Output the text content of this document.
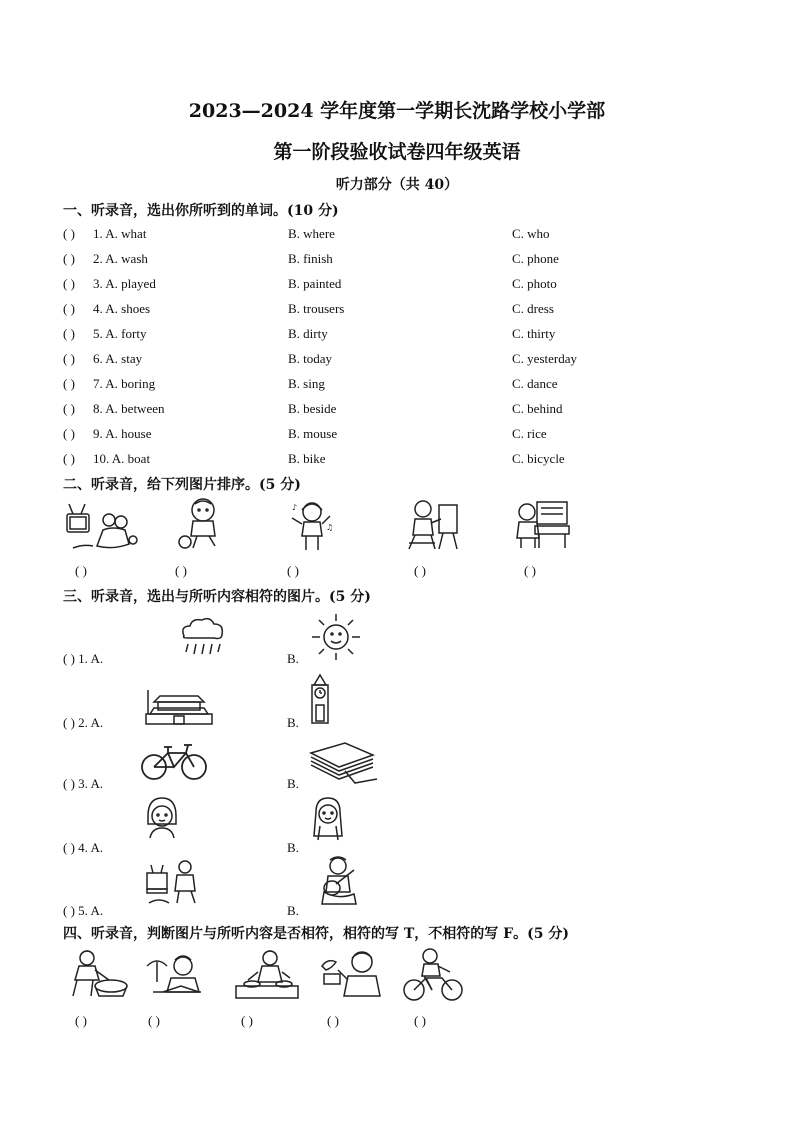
2023—2024 学年度第一学期长沈路学校小学部
第一阶段验收试卷四年级英语
听力部分（共 40）
一、听录音，选出你所听到的单词。(10 分)
( ) 1. A. what	B. where	C. who
( ) 2. A. wash	B. finish	C. phone
( ) 3. A. played	B. painted	C. photo
( ) 4. A. shoes	B. trousers	C. dress
( ) 5. A. forty	B. dirty	C. thirty
( ) 6. A. stay	B. today	C. yesterday
( ) 7. A. boring	B. sing	C. dance
( ) 8. A. between	B. beside	C. behind
( ) 9. A. house	B. mouse	C. rice
( ) 10. A. boat	B. bike	C. bicycle
二、听录音，给下列图片排序。(5 分)
♪
♫
( )	( )	( )	( )	( )
三、听录音，选出与所听内容相符的图片。(5 分)
( ) 1. A.	B.
( ) 2. A.	B.
( ) 3. A.	B.
( ) 4. A.	B.
( ) 5. A.	B.
四、听录音，判断图片与所听内容是否相符，相符的写 T，不相符的写 F。(5 分)
( )	( )	( )	( )	( )
